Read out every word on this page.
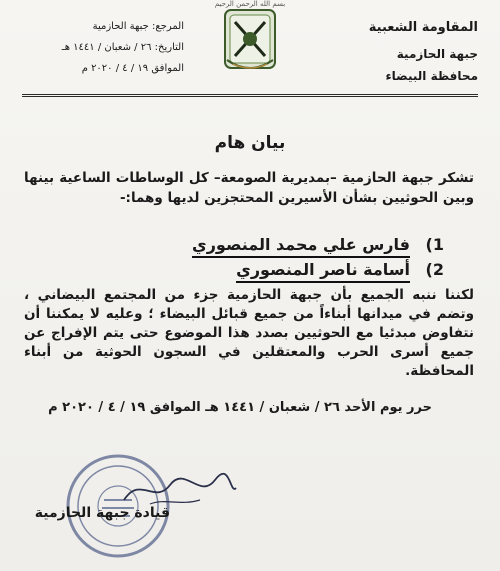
المقاومة الشعبية
جبهة الحازمية
محافظة البيضاء
بسم الله الرحمن الرحيم
المرجع: جبهة الحازمية
التاريخ: ٢٦ / شعبان / ١٤٤١ هـ
الموافق ١٩ / ٤ / ٢٠٢٠ م
بيان هام
تشكر جبهة الحازمية –بمديرية الصومعة– كل الوساطات الساعية بينها وبين الحوثيين بشأن الأسيرين المحتجزين لديها وهما:-
1)
فارس علي محمد المنصوري
2)
أسامة ناصر المنصوري
لكننا ننبه الجميع بأن جبهة الحازمية جزء من المجتمع البيضاني ، وتضم في ميدانها أبناءاً من جميع قبائل البيضاء ؛ وعليه لا يمكننا أن نتفاوض مبدئيا مع الحوثيين بصدد هذا الموضوع حتى يتم الإفراج عن جميع أسرى الحرب والمعتقلين في السجون الحوثية من أبناء المحافظة.
حرر يوم الأحد ٢٦ / شعبان / ١٤٤١ هـ الموافق ١٩ / ٤ / ٢٠٢٠ م
قيادة جبهة الحازمية
